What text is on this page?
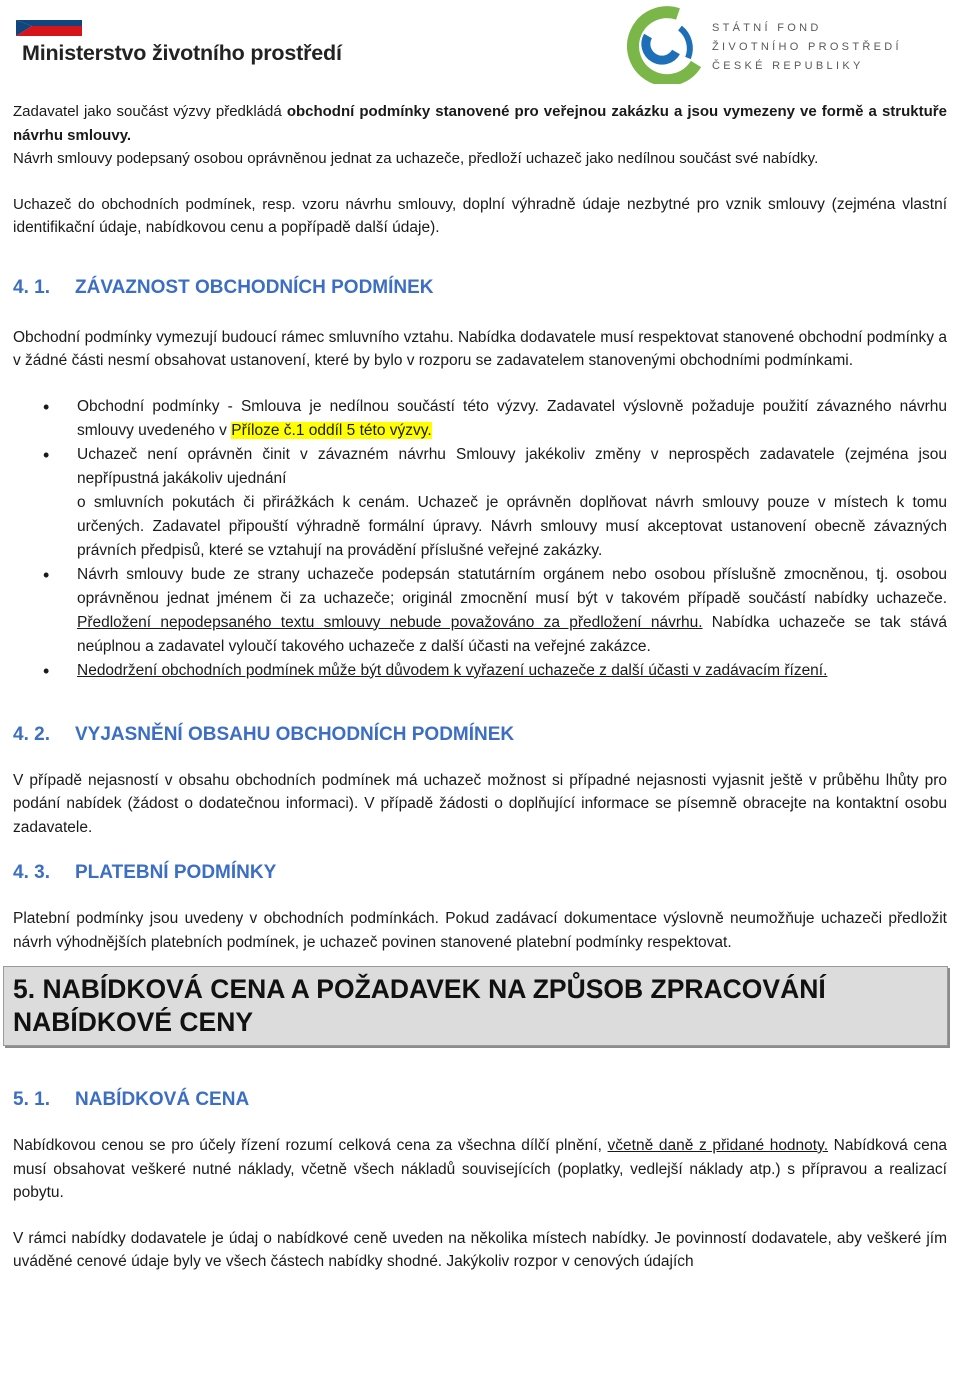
Ministerstvo životního prostředí
STÁTNÍ FOND
ŽIVOTNÍHO PROSTŘEDÍ
ČESKÉ REPUBLIKY

Zadavatel jako součást výzvy předkládá obchodní podmínky stanovené pro veřejnou zakázku a jsou vymezeny ve formě a struktuře návrhu smlouvy.
Návrh smlouvy podepsaný osobou oprávněnou jednat za uchazeče, předloží uchazeč jako nedílnou součást své nabídky.

Uchazeč do obchodních podmínek, resp. vzoru návrhu smlouvy, doplní výhradně údaje nezbytné pro vznik smlouvy (zejména vlastní identifikační údaje, nabídkovou cenu a popřípadě další údaje).

4. 1. ZÁVAZNOST OBCHODNÍCH PODMÍNEK

Obchodní podmínky vymezují budoucí rámec smluvního vztahu. Nabídka dodavatele musí respektovat stanovené obchodní podmínky a v žádné části nesmí obsahovat ustanovení, které by bylo v rozporu se zadavatelem stanovenými obchodními podmínkami.

• Obchodní podmínky - Smlouva je nedílnou součástí této výzvy. Zadavatel výslovně požaduje použití závazného návrhu smlouvy uvedeného v Příloze č.1 oddíl 5 této výzvy.
• Uchazeč není oprávněn činit v závazném návrhu Smlouvy jakékoliv změny v neprospěch zadavatele (zejména jsou nepřípustná jakákoliv ujednání
o smluvních pokutách či přirážkách k cenám. Uchazeč je oprávněn doplňovat návrh smlouvy pouze v místech k tomu určených. Zadavatel připouští výhradně formální úpravy. Návrh smlouvy musí akceptovat ustanovení obecně závazných právních předpisů, které se vztahují na provádění příslušné veřejné zakázky.
• Návrh smlouvy bude ze strany uchazeče podepsán statutárním orgánem nebo osobou příslušně zmocněnou, tj. osobou oprávněnou jednat jménem či za uchazeče; originál zmocnění musí být v takovém případě součástí nabídky uchazeče. Předložení nepodepsaného textu smlouvy nebude považováno za předložení návrhu. Nabídka uchazeče se tak stává neúplnou a zadavatel vyloučí takového uchazeče z další účasti na veřejné zakázce.
• Nedodržení obchodních podmínek může být důvodem k vyřazení uchazeče z další účasti v zadávacím řízení.
4. 2. VYJASNĚNÍ OBSAHU OBCHODNÍCH PODMÍNEK

V případě nejasností v obsahu obchodních podmínek má uchazeč možnost si případné nejasnosti vyjasnit ještě v průběhu lhůty pro podání nabídek (žádost o dodatečnou informaci). V případě žádosti o doplňující informace se písemně obracejte na kontaktní osobu zadavatele.

4. 3. PLATEBNÍ PODMÍNKY

Platební podmínky jsou uvedeny v obchodních podmínkách. Pokud zadávací dokumentace výslovně neumožňuje uchazeči předložit návrh výhodnějších platebních podmínek, je uchazeč povinen stanovené platební podmínky respektovat.

5. NABÍDKOVÁ CENA A POŽADAVEK NA ZPŮSOB ZPRACOVÁNÍ NABÍDKOVÉ CENY
5. 1. NABÍDKOVÁ CENA

Nabídkovou cenou se pro účely řízení rozumí celková cena za všechna dílčí plnění, včetně daně z přidané hodnoty. Nabídková cena musí obsahovat veškeré nutné náklady, včetně všech nákladů souvisejících (poplatky, vedlejší náklady atp.) s přípravou a realizací pobytu.

V rámci nabídky dodavatele je údaj o nabídkové ceně uveden na několika místech nabídky. Je povinností dodavatele, aby veškeré jím uváděné cenové údaje byly ve všech částech nabídky shodné. Jakýkoliv rozpor v cenových údajích
